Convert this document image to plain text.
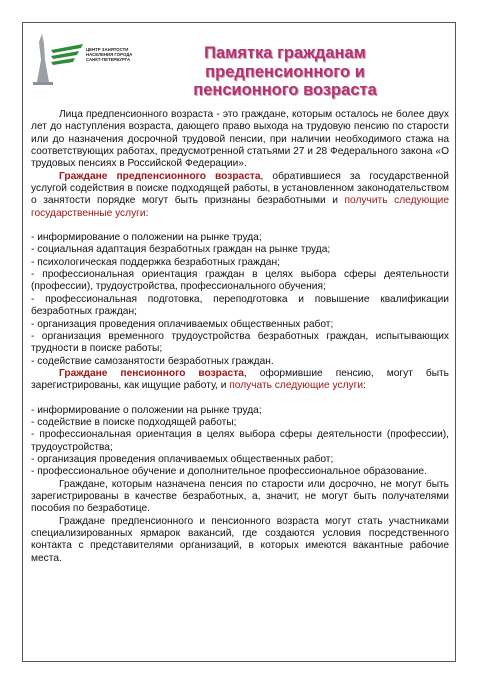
ЦЕНТР ЗАНЯТОСТИ НАСЕЛЕНИЯ ГОРОДА САНКТ-ПЕТЕРБУРГА	Памятка гражданам
предпенсионного и
пенсионного возраста

Лица предпенсионного возраста - это граждане, которым осталось не более двух лет до наступления возраста, дающего право выхода на трудовую пенсию по старости или до назначения досрочной трудовой пенсии, при наличии необходимого стажа на соответствующих работах, предусмотренной статьями 27 и 28 Федерального закона «О трудовых пенсиях в Российской Федерации».

Граждане предпенсионного возраста, обратившиеся за государственной услугой содействия в поиске подходящей работы, в установленном законодательством о занятости порядке могут быть признаны безработными и получить следующие государственные услуги:

- информирование о положении на рынке труда;

- социальная адаптация безработных граждан на рынке труда;

- психологическая поддержка безработных граждан;

- профессиональная ориентация граждан в целях выбора сферы деятельности (профессии), трудоустройства, профессионального обучения;

- профессиональная подготовка, переподготовка и повышение квалификации безработных граждан;

- организация проведения оплачиваемых общественных работ;

- организация временного трудоустройства безработных граждан, испытывающих трудности в поиске работы;

- содействие самозанятости безработных граждан.

Граждане пенсионного возраста, оформившие пенсию, могут быть зарегистрированы, как ищущие работу, и получать следующие услуги:

- информирование о положении на рынке труда;

- содействие в поиске подходящей работы;

- профессиональная ориентация в целях выбора сферы деятельности (профессии), трудоустройства;

- организация проведения оплачиваемых общественных работ;

- профессиональное обучение и дополнительное профессиональное образование.

Граждане, которым назначена пенсия по старости или досрочно, не могут быть зарегистрированы в качестве безработных, а, значит, не могут быть получателями пособия по безработице.

Граждане предпенсионного и пенсионного возраста могут стать участниками специализированных ярмарок вакансий, где создаются условия посредственного контакта с представителями организаций, в которых имеются вакантные рабочие места.
